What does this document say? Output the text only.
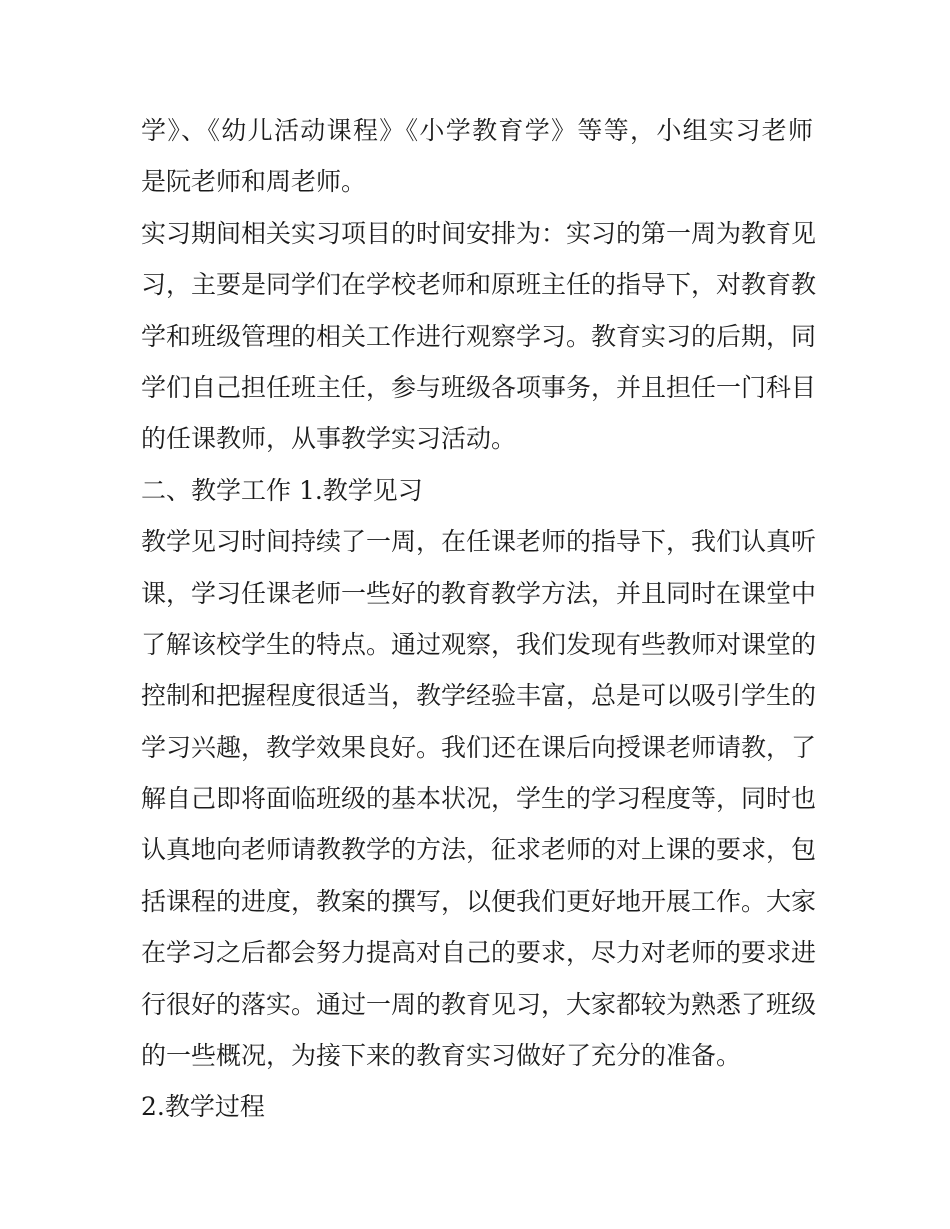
学》、《幼儿活动课程》《小学教育学》等等，小组实习老师
是阮老师和周老师。
实习期间相关实习项目的时间安排为：实习的第一周为教育见
习，主要是同学们在学校老师和原班主任的指导下，对教育教
学和班级管理的相关工作进行观察学习。教育实习的后期，同
学们自己担任班主任，参与班级各项事务，并且担任一门科目
的任课教师，从事教学实习活动。
二、教学工作 1.教学见习
教学见习时间持续了一周，在任课老师的指导下，我们认真听
课，学习任课老师一些好的教育教学方法，并且同时在课堂中
了解该校学生的特点。通过观察，我们发现有些教师对课堂的
控制和把握程度很适当，教学经验丰富，总是可以吸引学生的
学习兴趣，教学效果良好。我们还在课后向授课老师请教，了
解自己即将面临班级的基本状况，学生的学习程度等，同时也
认真地向老师请教教学的方法，征求老师的对上课的要求，包
括课程的进度，教案的撰写，以便我们更好地开展工作。大家
在学习之后都会努力提高对自己的要求，尽力对老师的要求进
行很好的落实。通过一周的教育见习，大家都较为熟悉了班级
的一些概况，为接下来的教育实习做好了充分的准备。
2.教学过程
